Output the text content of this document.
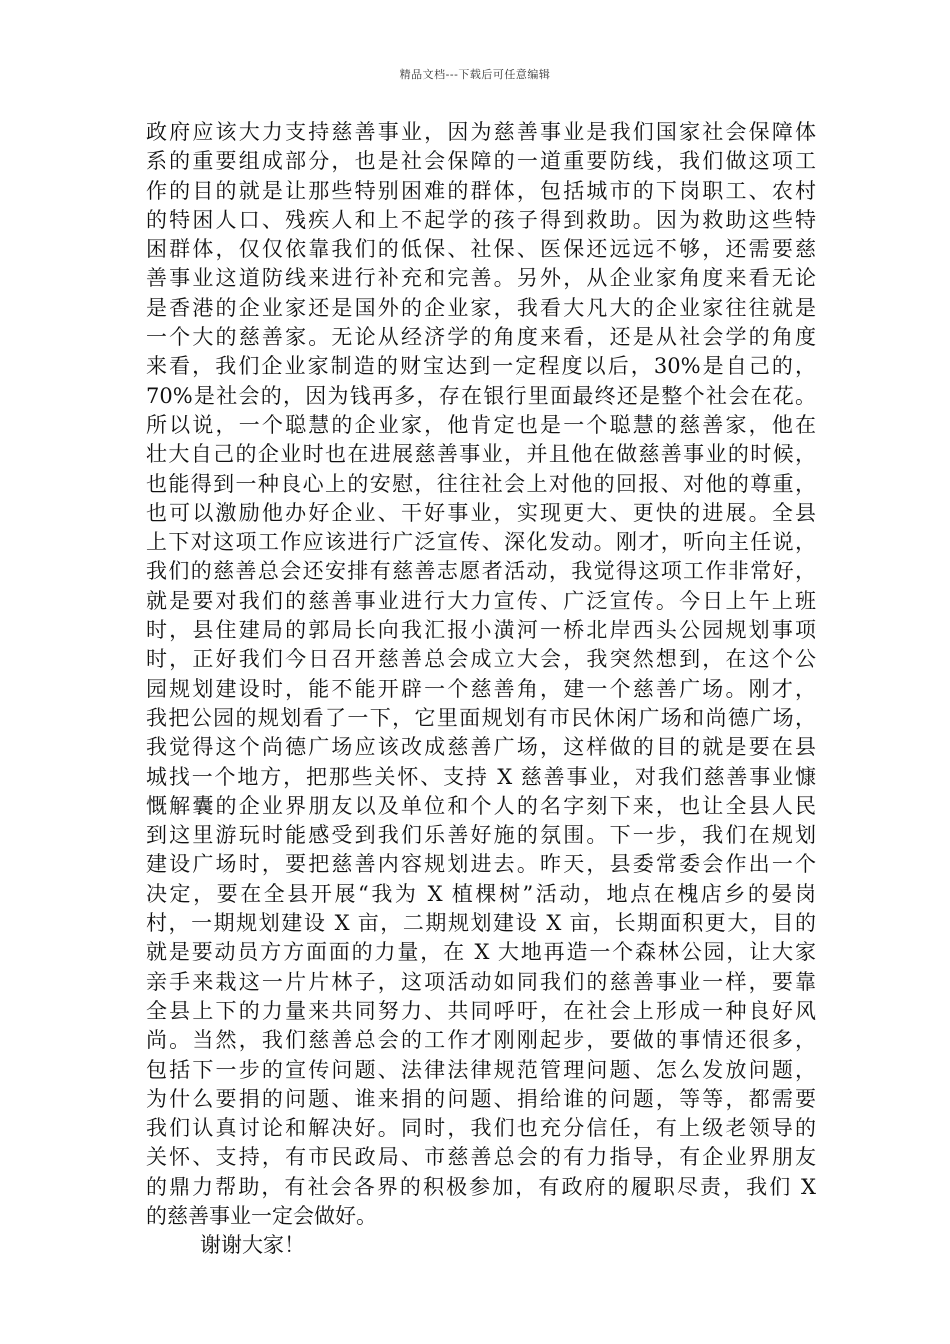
精品文档---下载后可任意编辑
政府应该大力支持慈善事业，因为慈善事业是我们国家社会保障体
系的重要组成部分，也是社会保障的一道重要防线，我们做这项工
作的目的就是让那些特别困难的群体，包括城市的下岗职工、农村
的特困人口、残疾人和上不起学的孩子得到救助。因为救助这些特
困群体，仅仅依靠我们的低保、社保、医保还远远不够，还需要慈
善事业这道防线来进行补充和完善。另外，从企业家角度来看无论
是香港的企业家还是国外的企业家，我看大凡大的企业家往往就是
一个大的慈善家。无论从经济学的角度来看，还是从社会学的角度
来看，我们企业家制造的财宝达到一定程度以后，30%是自己的，
70%是社会的，因为钱再多，存在银行里面最终还是整个社会在花。
所以说，一个聪慧的企业家，他肯定也是一个聪慧的慈善家，他在
壮大自己的企业时也在进展慈善事业，并且他在做慈善事业的时候，
也能得到一种良心上的安慰，往往社会上对他的回报、对他的尊重，
也可以激励他办好企业、干好事业，实现更大、更快的进展。全县
上下对这项工作应该进行广泛宣传、深化发动。刚才，听向主任说，
我们的慈善总会还安排有慈善志愿者活动，我觉得这项工作非常好，
就是要对我们的慈善事业进行大力宣传、广泛宣传。今日上午上班
时，县住建局的郭局长向我汇报小潢河一桥北岸西头公园规划事项
时，正好我们今日召开慈善总会成立大会，我突然想到，在这个公
园规划建设时，能不能开辟一个慈善角，建一个慈善广场。刚才，
我把公园的规划看了一下，它里面规划有市民休闲广场和尚德广场，
我觉得这个尚德广场应该改成慈善广场，这样做的目的就是要在县
城找一个地方，把那些关怀、支持 X 慈善事业，对我们慈善事业慷
慨解囊的企业界朋友以及单位和个人的名字刻下来，也让全县人民
到这里游玩时能感受到我们乐善好施的氛围。下一步，我们在规划
建设广场时，要把慈善内容规划进去。昨天，县委常委会作出一个
决定，要在全县开展“我为 X 植棵树”活动，地点在槐店乡的晏岗
村，一期规划建设 X 亩，二期规划建设 X 亩，长期面积更大，目的
就是要动员方方面面的力量，在 X 大地再造一个森林公园，让大家
亲手来栽这一片片林子，这项活动如同我们的慈善事业一样，要靠
全县上下的力量来共同努力、共同呼吁，在社会上形成一种良好风
尚。当然，我们慈善总会的工作才刚刚起步，要做的事情还很多，
包括下一步的宣传问题、法律法律规范管理问题、怎么发放问题，
为什么要捐的问题、谁来捐的问题、捐给谁的问题，等等，都需要
我们认真讨论和解决好。同时，我们也充分信任，有上级老领导的
关怀、支持，有市民政局、市慈善总会的有力指导，有企业界朋友
的鼎力帮助，有社会各界的积极参加，有政府的履职尽责，我们 X
的慈善事业一定会做好。
谢谢大家！
